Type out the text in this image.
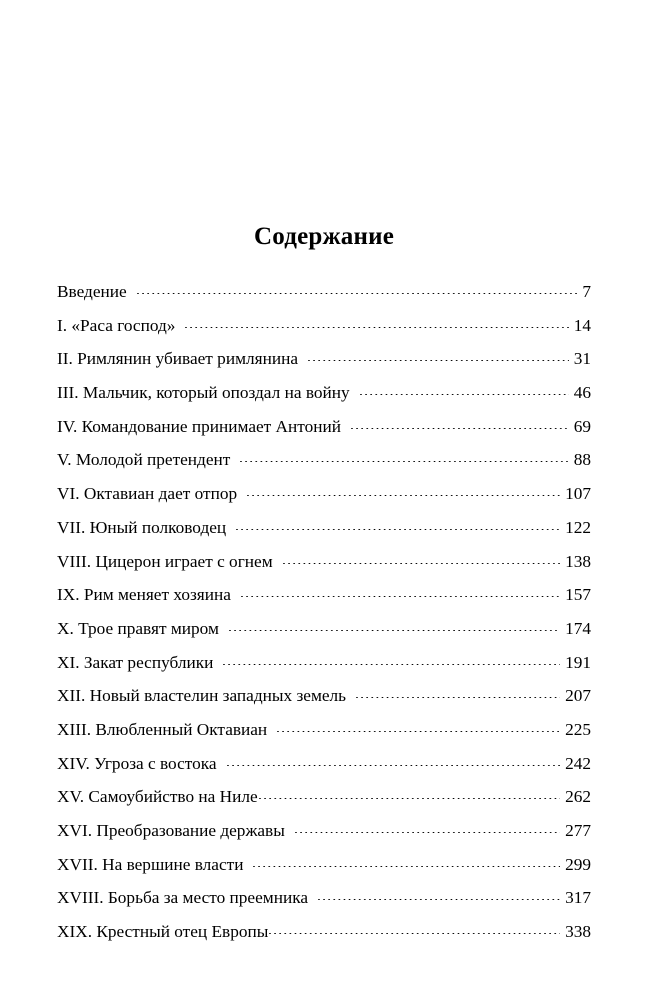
Содержание
Введение	7
I. «Раса господ»	14
II. Римлянин убивает римлянина	31
III. Мальчик, который опоздал на войну	46
IV. Командование принимает Антоний	69
V. Молодой претендент	88
VI. Октавиан дает отпор	107
VII. Юный полководец	122
VIII. Цицерон играет с огнем	138
IX. Рим меняет хозяина	157
X. Трое правят миром	174
XI. Закат республики	191
XII. Новый властелин западных земель	207
XIII. Влюбленный Октавиан	225
XIV. Угроза с востока	242
XV. Самоубийство на Ниле	262
XVI. Преобразование державы	277
XVII. На вершине власти	299
XVIII. Борьба за место преемника	317
XIX. Крестный отец Европы	338
